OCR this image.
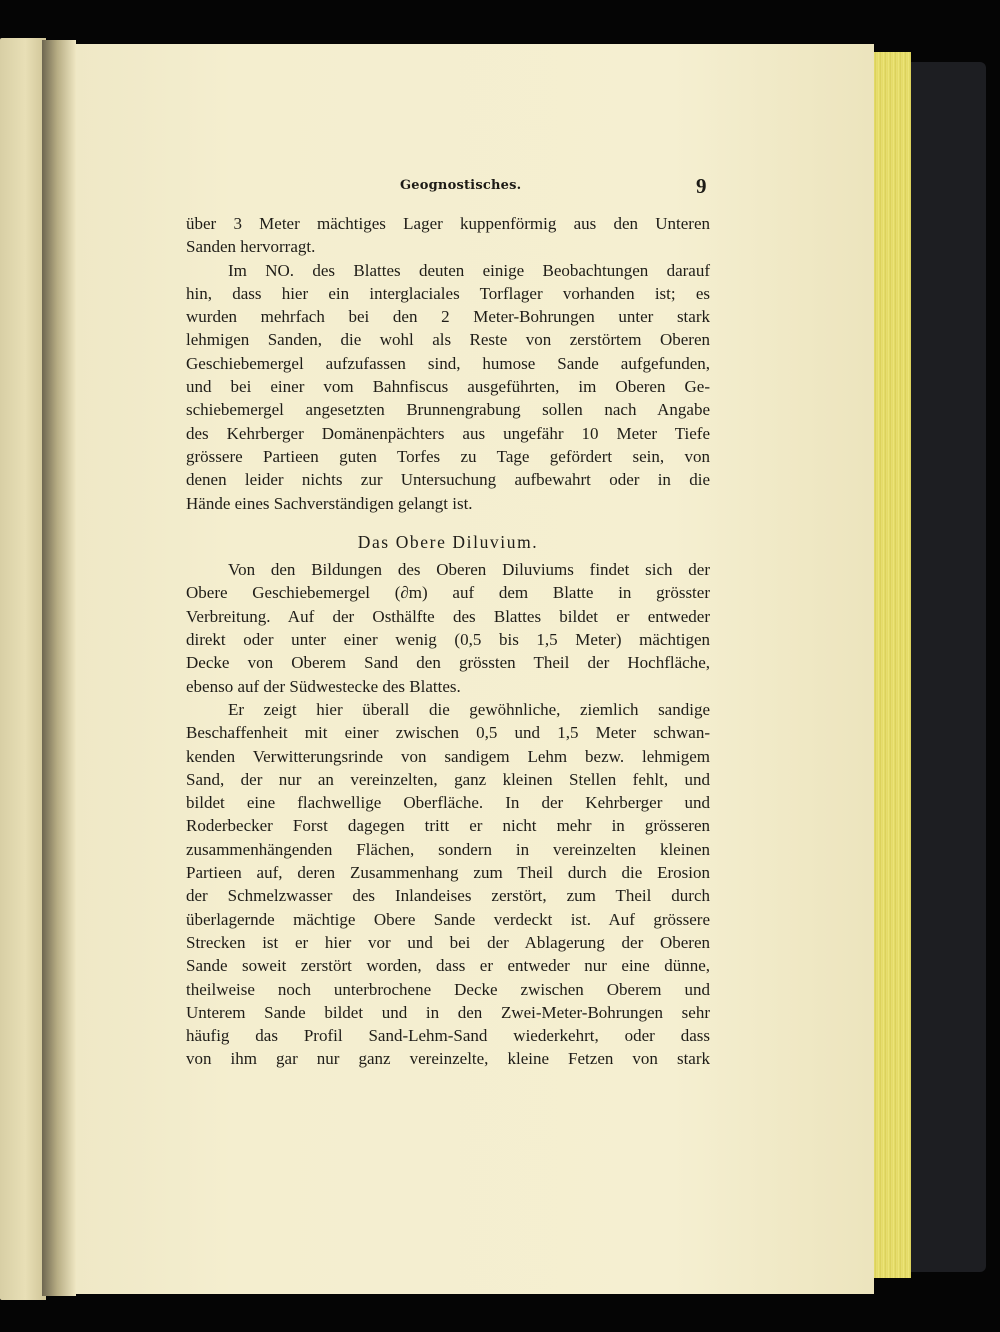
Geognostisches.	9
über 3 Meter mächtiges Lager kuppenförmig aus den Unteren
Sanden hervorragt.
Im NO. des Blattes deuten einige Beobachtungen darauf
hin, dass hier ein interglaciales Torflager vorhanden ist; es
wurden mehrfach bei den 2 Meter-Bohrungen unter stark
lehmigen Sanden, die wohl als Reste von zerstörtem Oberen
Geschiebemergel aufzufassen sind, humose Sande aufgefunden,
und bei einer vom Bahnfiscus ausgeführten, im Oberen Ge-
schiebemergel angesetzten Brunnengrabung sollen nach Angabe
des Kehrberger Domänenpächters aus ungefähr 10 Meter Tiefe
grössere Partieen guten Torfes zu Tage gefördert sein, von
denen leider nichts zur Untersuchung aufbewahrt oder in die
Hände eines Sachverständigen gelangt ist.
Das Obere Diluvium.
Von den Bildungen des Oberen Diluviums findet sich der
Obere Geschiebemergel (∂m) auf dem Blatte in grösster
Verbreitung. Auf der Osthälfte des Blattes bildet er entweder
direkt oder unter einer wenig (0,5 bis 1,5 Meter) mächtigen
Decke von Oberem Sand den grössten Theil der Hochfläche,
ebenso auf der Südwestecke des Blattes.
Er zeigt hier überall die gewöhnliche, ziemlich sandige
Beschaffenheit mit einer zwischen 0,5 und 1,5 Meter schwan-
kenden Verwitterungsrinde von sandigem Lehm bezw. lehmigem
Sand, der nur an vereinzelten, ganz kleinen Stellen fehlt, und
bildet eine flachwellige Oberfläche. In der Kehrberger und
Roderbecker Forst dagegen tritt er nicht mehr in grösseren
zusammenhängenden Flächen, sondern in vereinzelten kleinen
Partieen auf, deren Zusammenhang zum Theil durch die Erosion
der Schmelzwasser des Inlandeises zerstört, zum Theil durch
überlagernde mächtige Obere Sande verdeckt ist. Auf grössere
Strecken ist er hier vor und bei der Ablagerung der Oberen
Sande soweit zerstört worden, dass er entweder nur eine dünne,
theilweise noch unterbrochene Decke zwischen Oberem und
Unterem Sande bildet und in den Zwei-Meter-Bohrungen sehr
häufig das Profil Sand-Lehm-Sand wiederkehrt, oder dass
von ihm gar nur ganz vereinzelte, kleine Fetzen von stark
